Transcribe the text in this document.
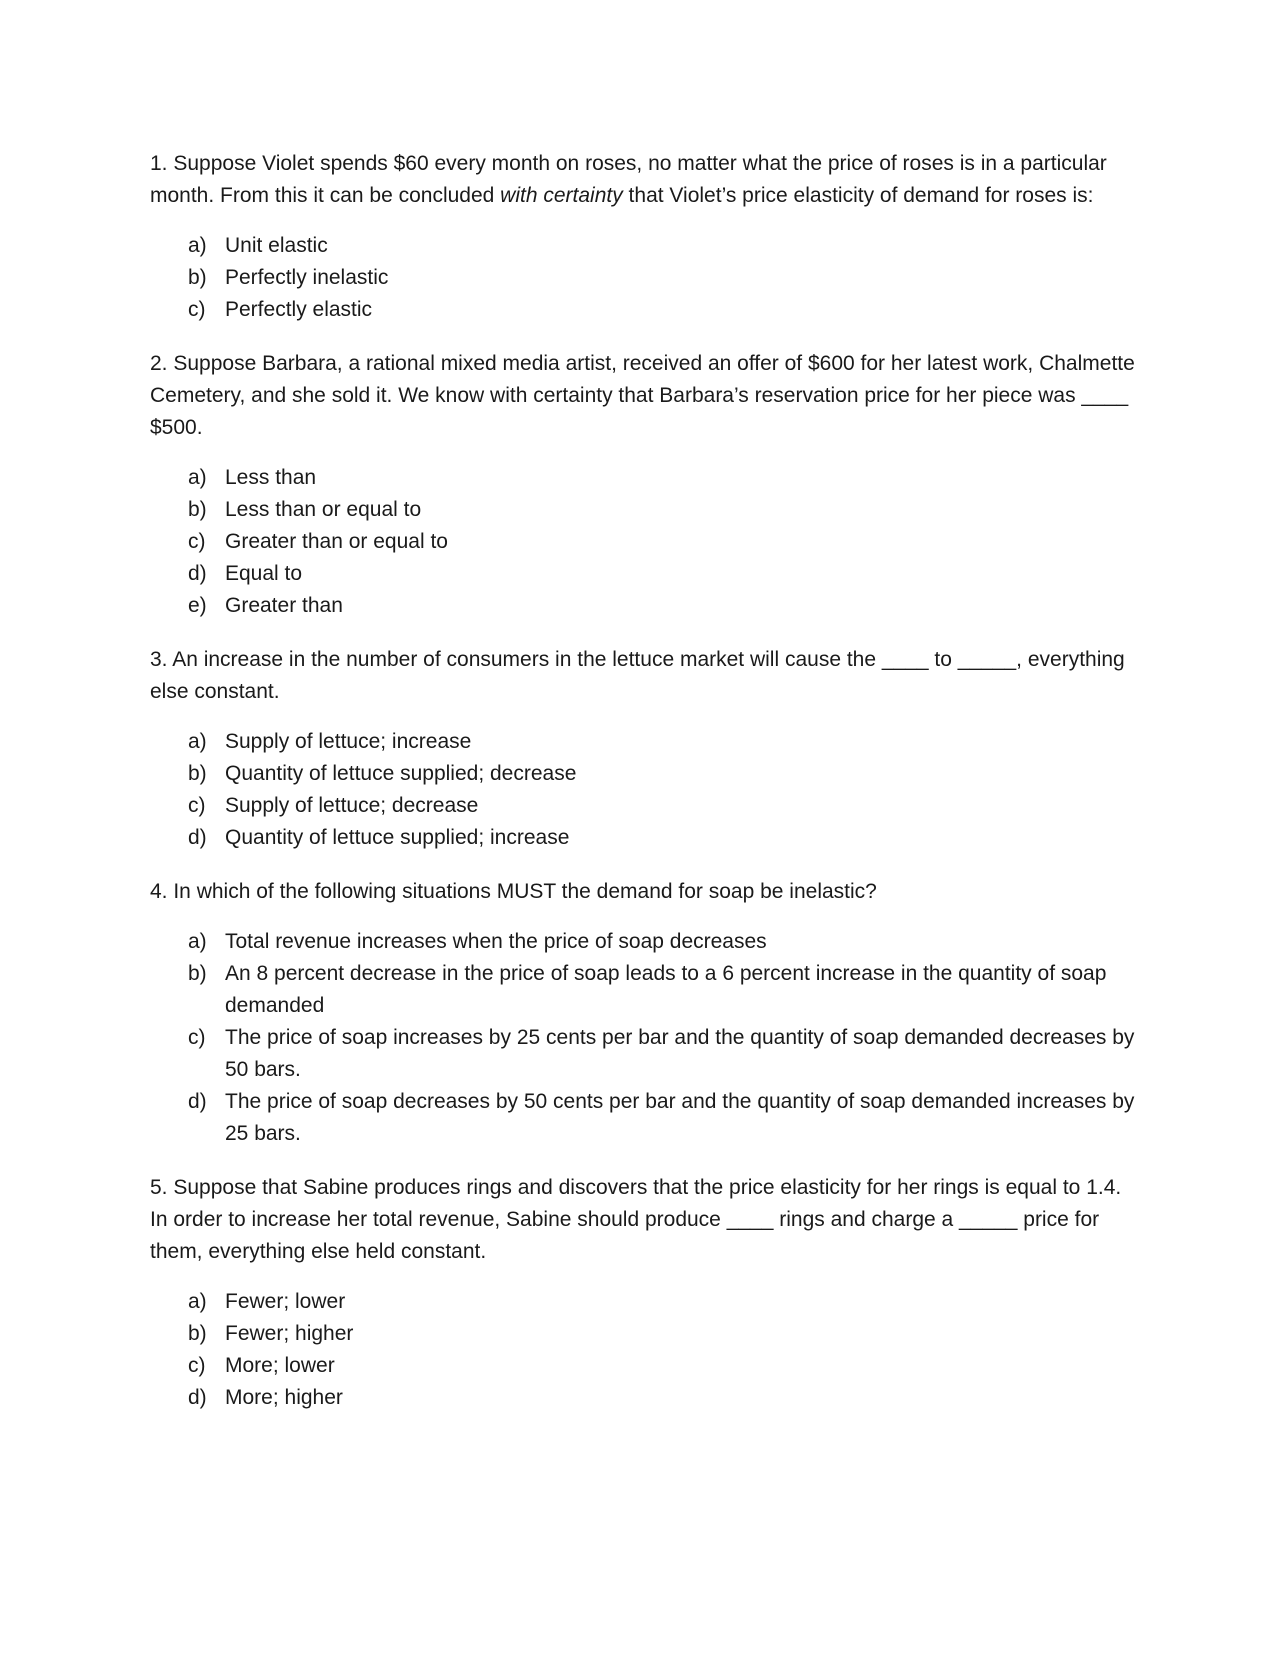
1. Suppose Violet spends $60 every month on roses, no matter what the price of roses is in a particular month. From this it can be concluded with certainty that Violet’s price elasticity of demand for roses is:

a) Unit elastic
b) Perfectly inelastic
c) Perfectly elastic

2. Suppose Barbara, a rational mixed media artist, received an offer of $600 for her latest work, Chalmette Cemetery, and she sold it. We know with certainty that Barbara’s reservation price for her piece was ____ $500.

a) Less than
b) Less than or equal to
c) Greater than or equal to
d) Equal to
e) Greater than

3. An increase in the number of consumers in the lettuce market will cause the ____ to _____, everything else constant.

a) Supply of lettuce; increase
b) Quantity of lettuce supplied; decrease
c) Supply of lettuce; decrease
d) Quantity of lettuce supplied; increase

4. In which of the following situations MUST the demand for soap be inelastic?

a) Total revenue increases when the price of soap decreases
b) An 8 percent decrease in the price of soap leads to a 6 percent increase in the quantity of soap demanded
c) The price of soap increases by 25 cents per bar and the quantity of soap demanded decreases by 50 bars.
d) The price of soap decreases by 50 cents per bar and the quantity of soap demanded increases by 25 bars.

5. Suppose that Sabine produces rings and discovers that the price elasticity for her rings is equal to 1.4. In order to increase her total revenue, Sabine should produce ____ rings and charge a _____ price for them, everything else held constant.

a) Fewer; lower
b) Fewer; higher
c) More; lower
d) More; higher
